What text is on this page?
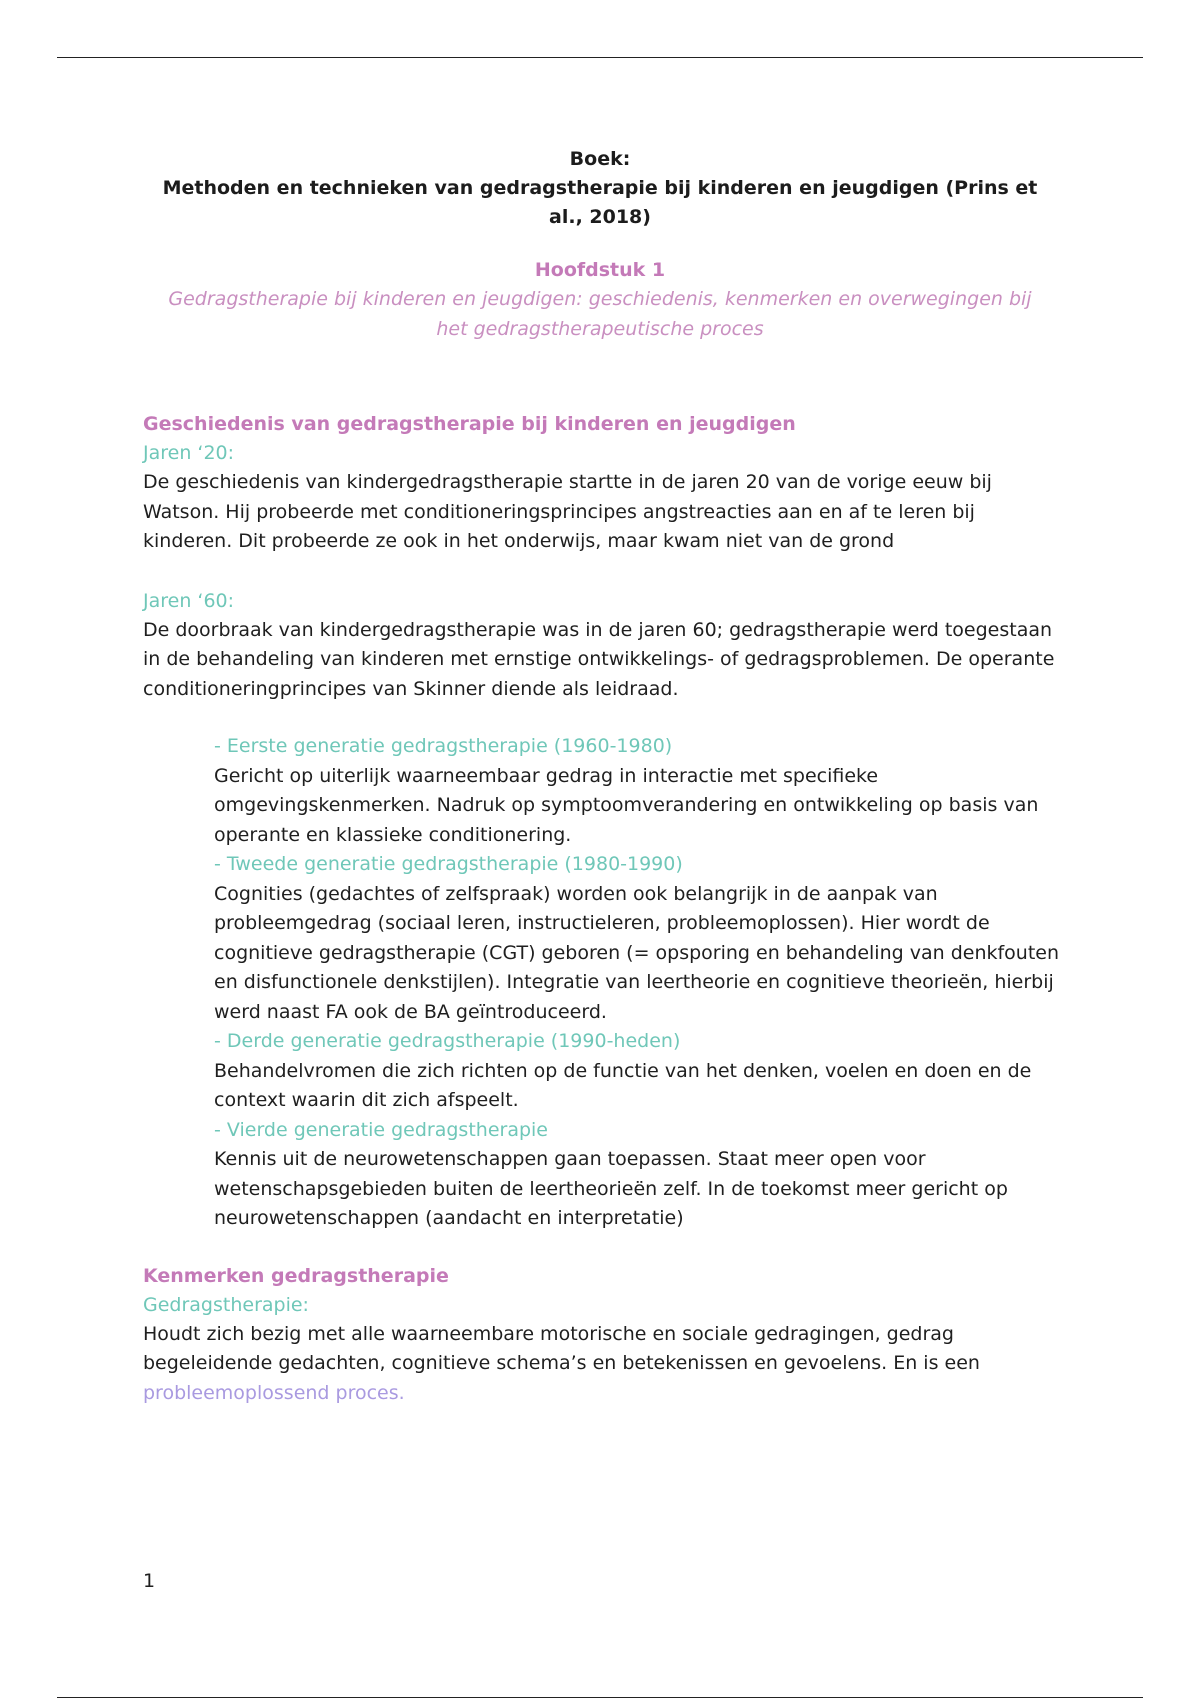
Boek:
Methoden en technieken van gedragstherapie bij kinderen en jeugdigen (Prins et al., 2018)
Hoofdstuk 1
Gedragstherapie bij kinderen en jeugdigen: geschiedenis, kenmerken en overwegingen bij het gedragstherapeutische proces
Geschiedenis van gedragstherapie bij kinderen en jeugdigen
Jaren ‘20:

De geschiedenis van kindergedragstherapie startte in de jaren 20 van de vorige eeuw bij Watson. Hij probeerde met conditioneringsprincipes angstreacties aan en af te leren bij kinderen. Dit probeerde ze ook in het onderwijs, maar kwam niet van de grond

Jaren ‘60:

De doorbraak van kindergedragstherapie was in de jaren 60; gedragstherapie werd toegestaan in de behandeling van kinderen met ernstige ontwikkelings- of gedragsproblemen. De operante conditioneringprincipes van Skinner diende als leidraad.

- Eerste generatie gedragstherapie (1960-1980)

Gericht op uiterlijk waarneembaar gedrag in interactie met specifieke omgevingskenmerken. Nadruk op symptoomverandering en ontwikkeling op basis van operante en klassieke conditionering.

- Tweede generatie gedragstherapie (1980-1990)

Cognities (gedachtes of zelfspraak) worden ook belangrijk in de aanpak van probleemgedrag (sociaal leren, instructieleren, probleemoplossen). Hier wordt de cognitieve gedragstherapie (CGT) geboren (= opsporing en behandeling van denkfouten en disfunctionele denkstijlen). Integratie van leertheorie en cognitieve theorieën, hierbij werd naast FA ook de BA geïntroduceerd.

- Derde generatie gedragstherapie (1990-heden)

Behandelvromen die zich richten op de functie van het denken, voelen en doen en de context waarin dit zich afspeelt.

- Vierde generatie gedragstherapie

Kennis uit de neurowetenschappen gaan toepassen. Staat meer open voor wetenschapsgebieden buiten de leertheorieën zelf. In de toekomst meer gericht op neurowetenschappen (aandacht en interpretatie)

Kenmerken gedragstherapie
Gedragstherapie:

Houdt zich bezig met alle waarneembare motorische en sociale gedragingen, gedrag begeleidende gedachten, cognitieve schema’s en betekenissen en gevoelens. En is een probleemoplossend proces.

1
